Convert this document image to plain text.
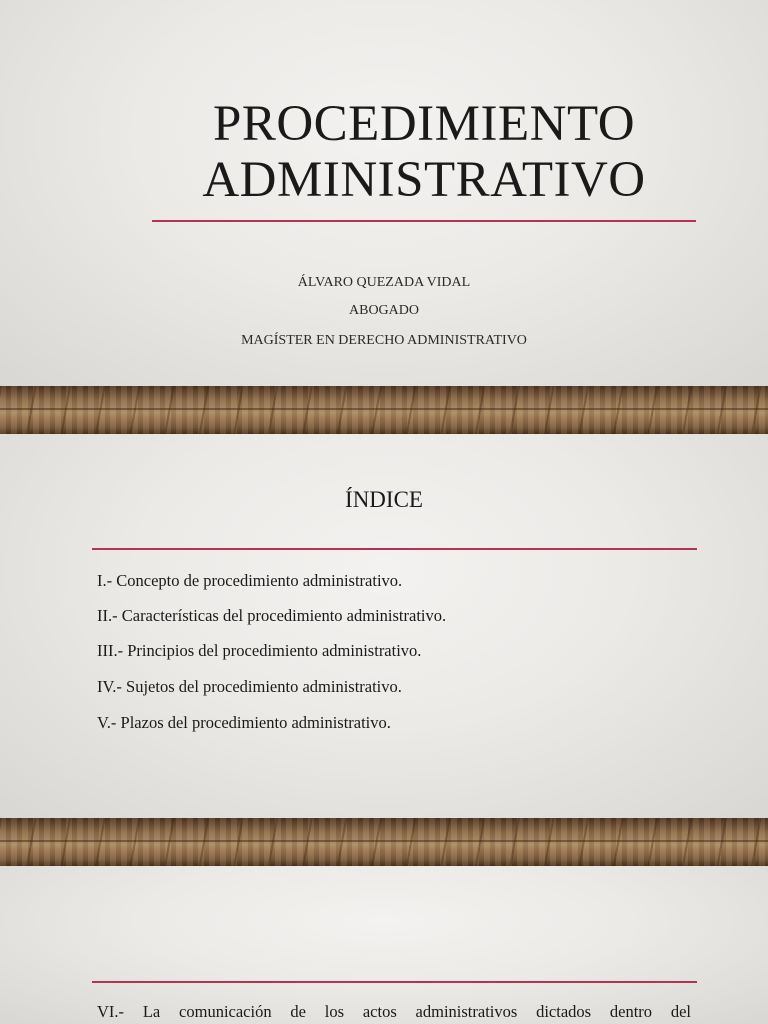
PROCEDIMIENTO
ADMINISTRATIVO
ÁLVARO QUEZADA VIDAL
ABOGADO
MAGÍSTER EN DERECHO ADMINISTRATIVO
ÍNDICE
I.- Concepto de procedimiento administrativo.
II.- Características del procedimiento administrativo.
III.- Principios del procedimiento administrativo.
IV.- Sujetos del procedimiento administrativo.
V.- Plazos del procedimiento administrativo.
VI.- La comunicación de los actos administrativos dictados dentro del
